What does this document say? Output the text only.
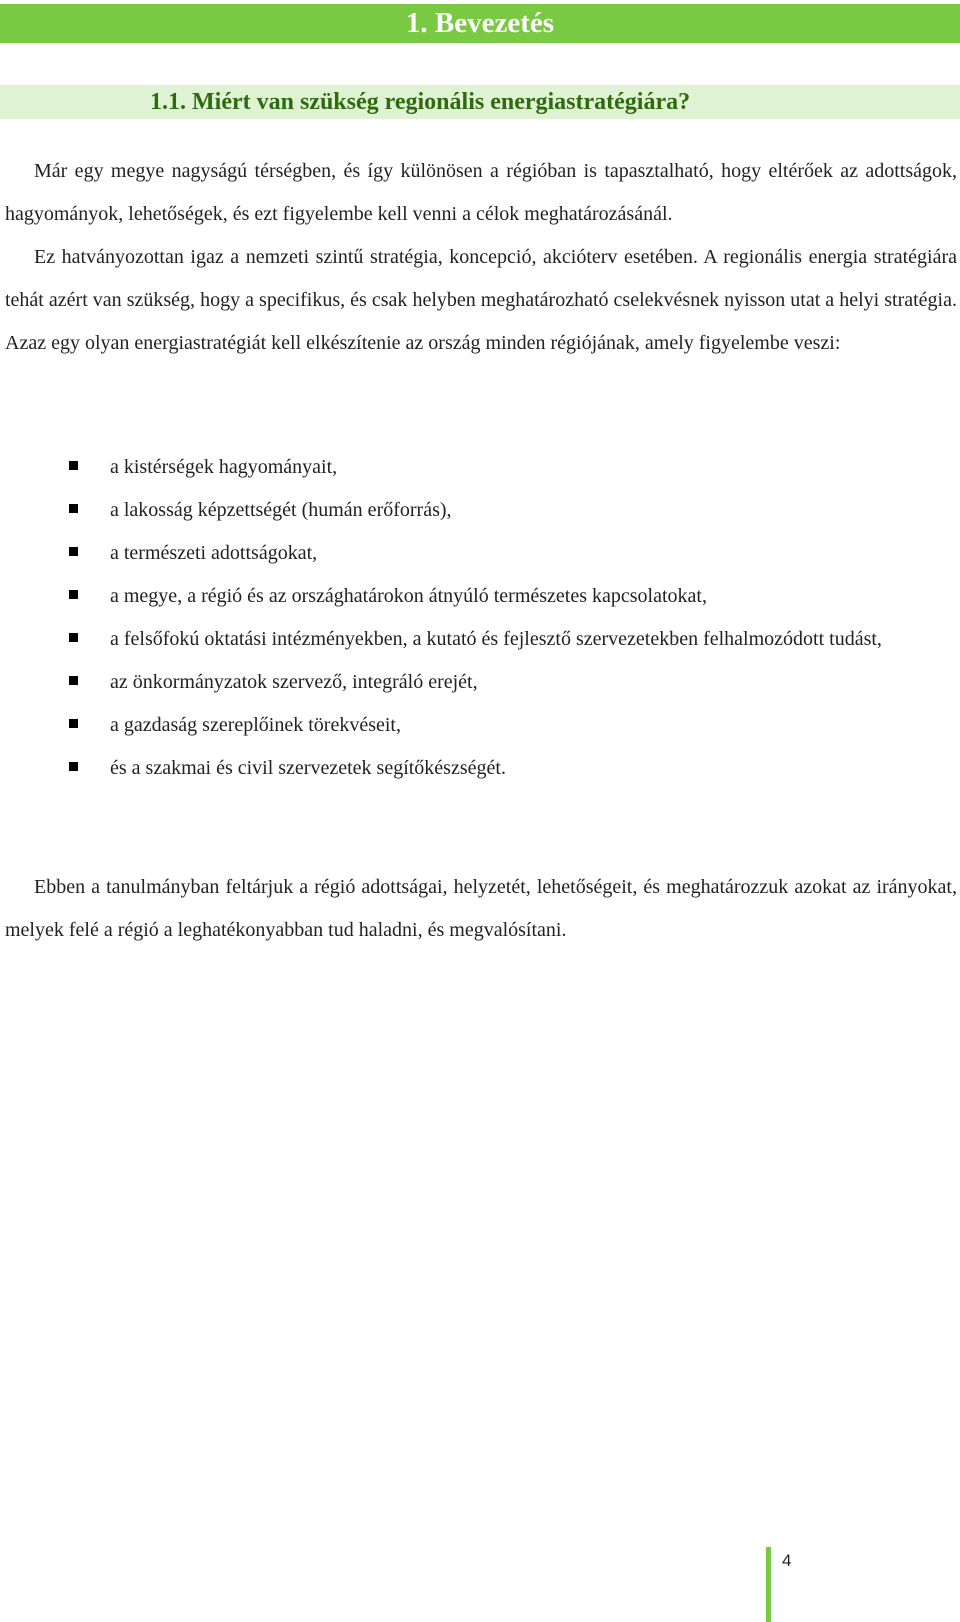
1. Bevezetés
1.1. Miért van szükség regionális energiastratégiára?

Már egy megye nagyságú térségben, és így különösen a régióban is tapasztalható, hogy eltérőek az adottságok, hagyományok, lehetőségek, és ezt figyelembe kell venni a célok meghatározásánál.

Ez hatványozottan igaz a nemzeti szintű stratégia, koncepció, akcióterv esetében. A regionális energia stratégiára tehát azért van szükség, hogy a specifikus, és csak helyben meghatározható cselekvésnek nyisson utat a helyi stratégia. Azaz egy olyan energiastratégiát kell elkészítenie az ország minden régiójának, amely figyelembe veszi:

a kistérségek hagyományait,
a lakosság képzettségét (humán erőforrás),
a természeti adottságokat,
a megye, a régió és az országhatárokon átnyúló természetes kapcsolatokat,
a felsőfokú oktatási intézményekben, a kutató és fejlesztő szervezetekben felhalmozódott tudást,
az önkormányzatok szervező, integráló erejét,
a gazdaság szereplőinek törekvéseit,
és a szakmai és civil szervezetek segítőkészségét.

Ebben a tanulmányban feltárjuk a régió adottságai, helyzetét, lehetőségeit, és meghatározzuk azokat az irányokat, melyek felé a régió a leghatékonyabban tud haladni, és megvalósítani.

4
